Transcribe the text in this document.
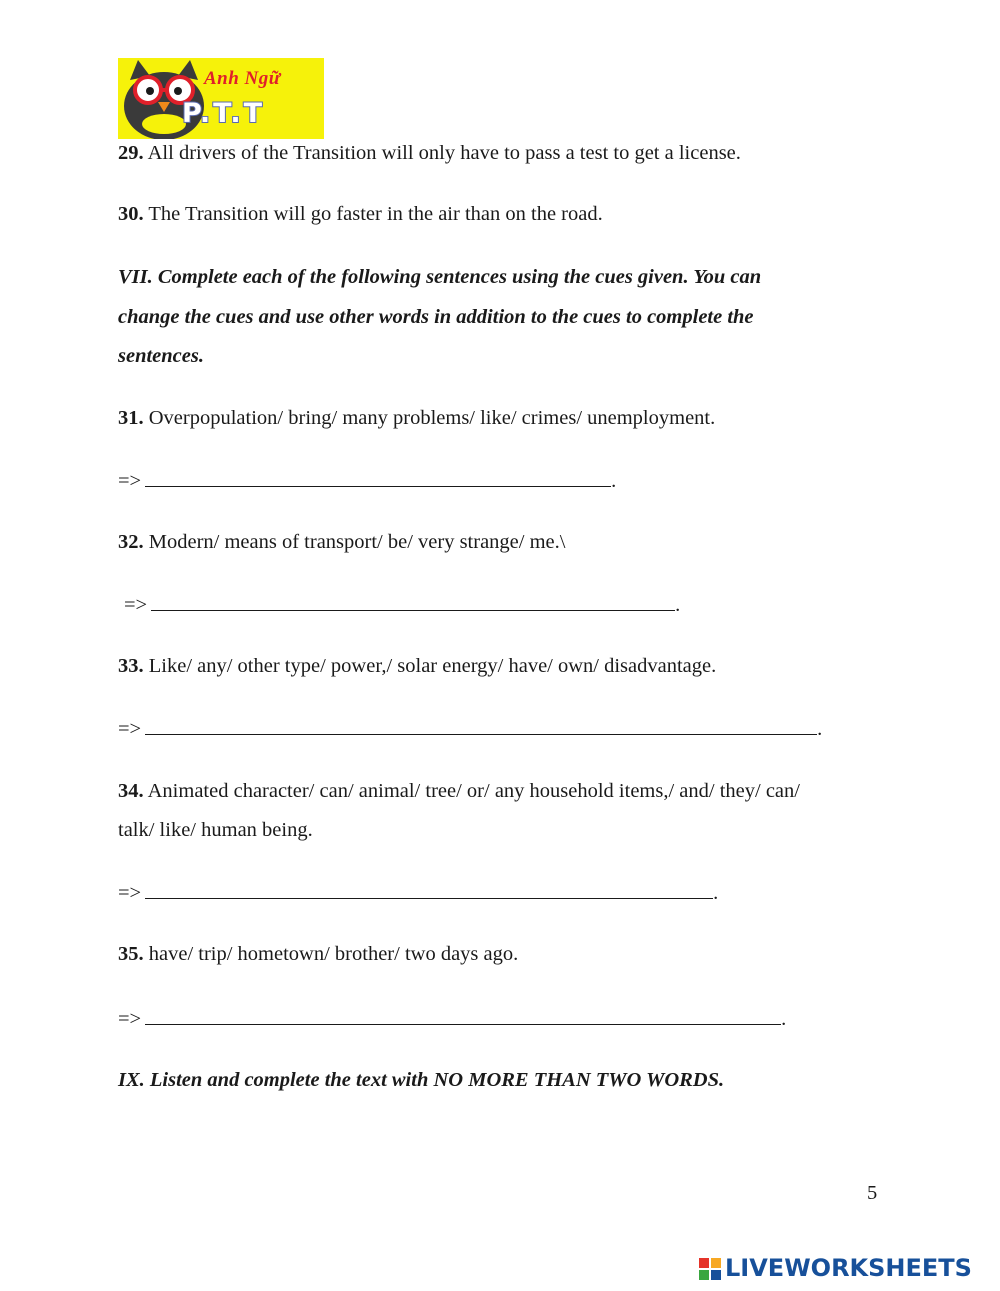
Anh Ngữ
P.T.T
29. All drivers of the Transition will only have to pass a test to get a license.
30. The Transition will go faster in the air than on the road.
VII. Complete each of the following sentences using the cues given. You can
change the cues and use other words in addition to the cues to complete the
sentences.
31. Overpopulation/ bring/ many problems/ like/ crimes/ unemployment.
=>	.
32. Modern/ means of transport/ be/ very strange/ me.\
=>	.
33. Like/ any/ other type/ power,/ solar energy/ have/ own/ disadvantage.
=>	.
34. Animated character/ can/ animal/ tree/ or/ any household items,/ and/ they/ can/
talk/ like/ human being.
=>	.
35. have/ trip/ hometown/ brother/ two days ago.
=>	.
IX. Listen and complete the text with NO MORE THAN TWO WORDS.
5
LIVEWORKSHEETS
